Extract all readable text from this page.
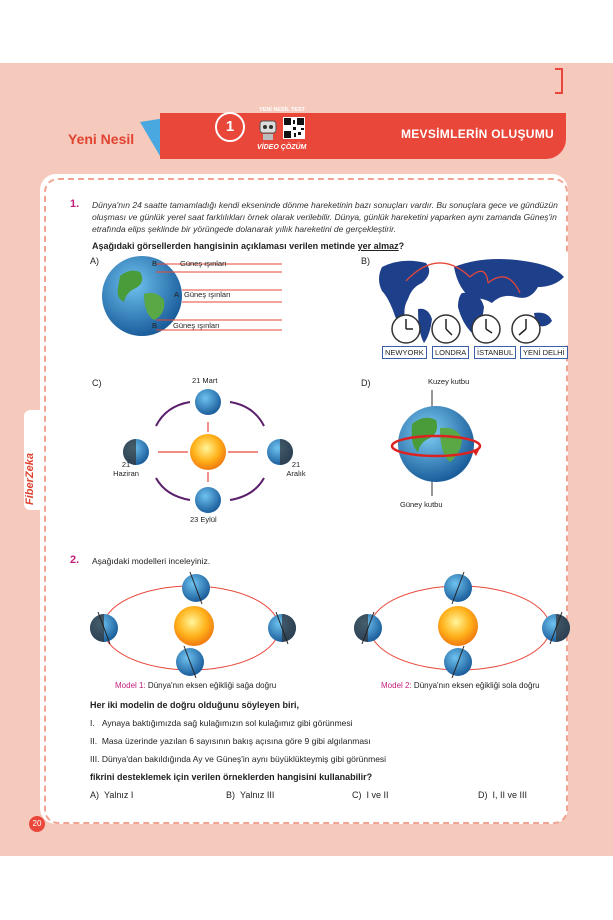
Yeni Nesil	MEVSİMLERİN OLUŞUMU
1
YENİ NESİL TEST
VİDEO ÇÖZÜM
FiberZeka
20
1. Dünya'nın 24 saatte tamamladığı kendi ekseninde dönme hareketinin bazı sonuçları vardır. Bu sonuçlara gece ve gündüzün oluşması ve günlük yerel saat farklılıkları örnek olarak verilebilir. Dünya, günlük hareketini yaparken aynı zamanda Güneş'in etrafında elips şeklinde bir yörüngede dolanarak yıllık hareketini de gerçekleştirir.
Aşağıdaki görsellerden hangisinin açıklaması verilen metinde yer almaz?
A)	B	Güneş ışınları
A Güneş ışınları
B Güneş ışınları
B)
NEWYORK	LONDRA	İSTANBUL	YENİ DELHİ
C)	21 Mart
21
Haziran
21
Aralık
23 Eylül
D)	Kuzey kutbu
Güney kutbu
2. Aşağıdaki modelleri inceleyiniz.
Model 1: Dünya'nın eksen eğikliği sağa doğru	Model 2: Dünya'nın eksen eğikliği sola doğru
Her iki modelin de doğru olduğunu söyleyen biri,
I. Aynaya baktığımızda sağ kulağımızın sol kulağımız gibi görünmesi
II. Masa üzerinde yazılan 6 sayısının bakış açısına göre 9 gibi algılanması
III. Dünya'dan bakıldığında Ay ve Güneş'in aynı büyüklükteymiş gibi görünmesi
fikrini desteklemek için verilen örneklerden hangisini kullanabilir?
A) Yalnız I	B) Yalnız III	C) I ve II	D) I, II ve III
